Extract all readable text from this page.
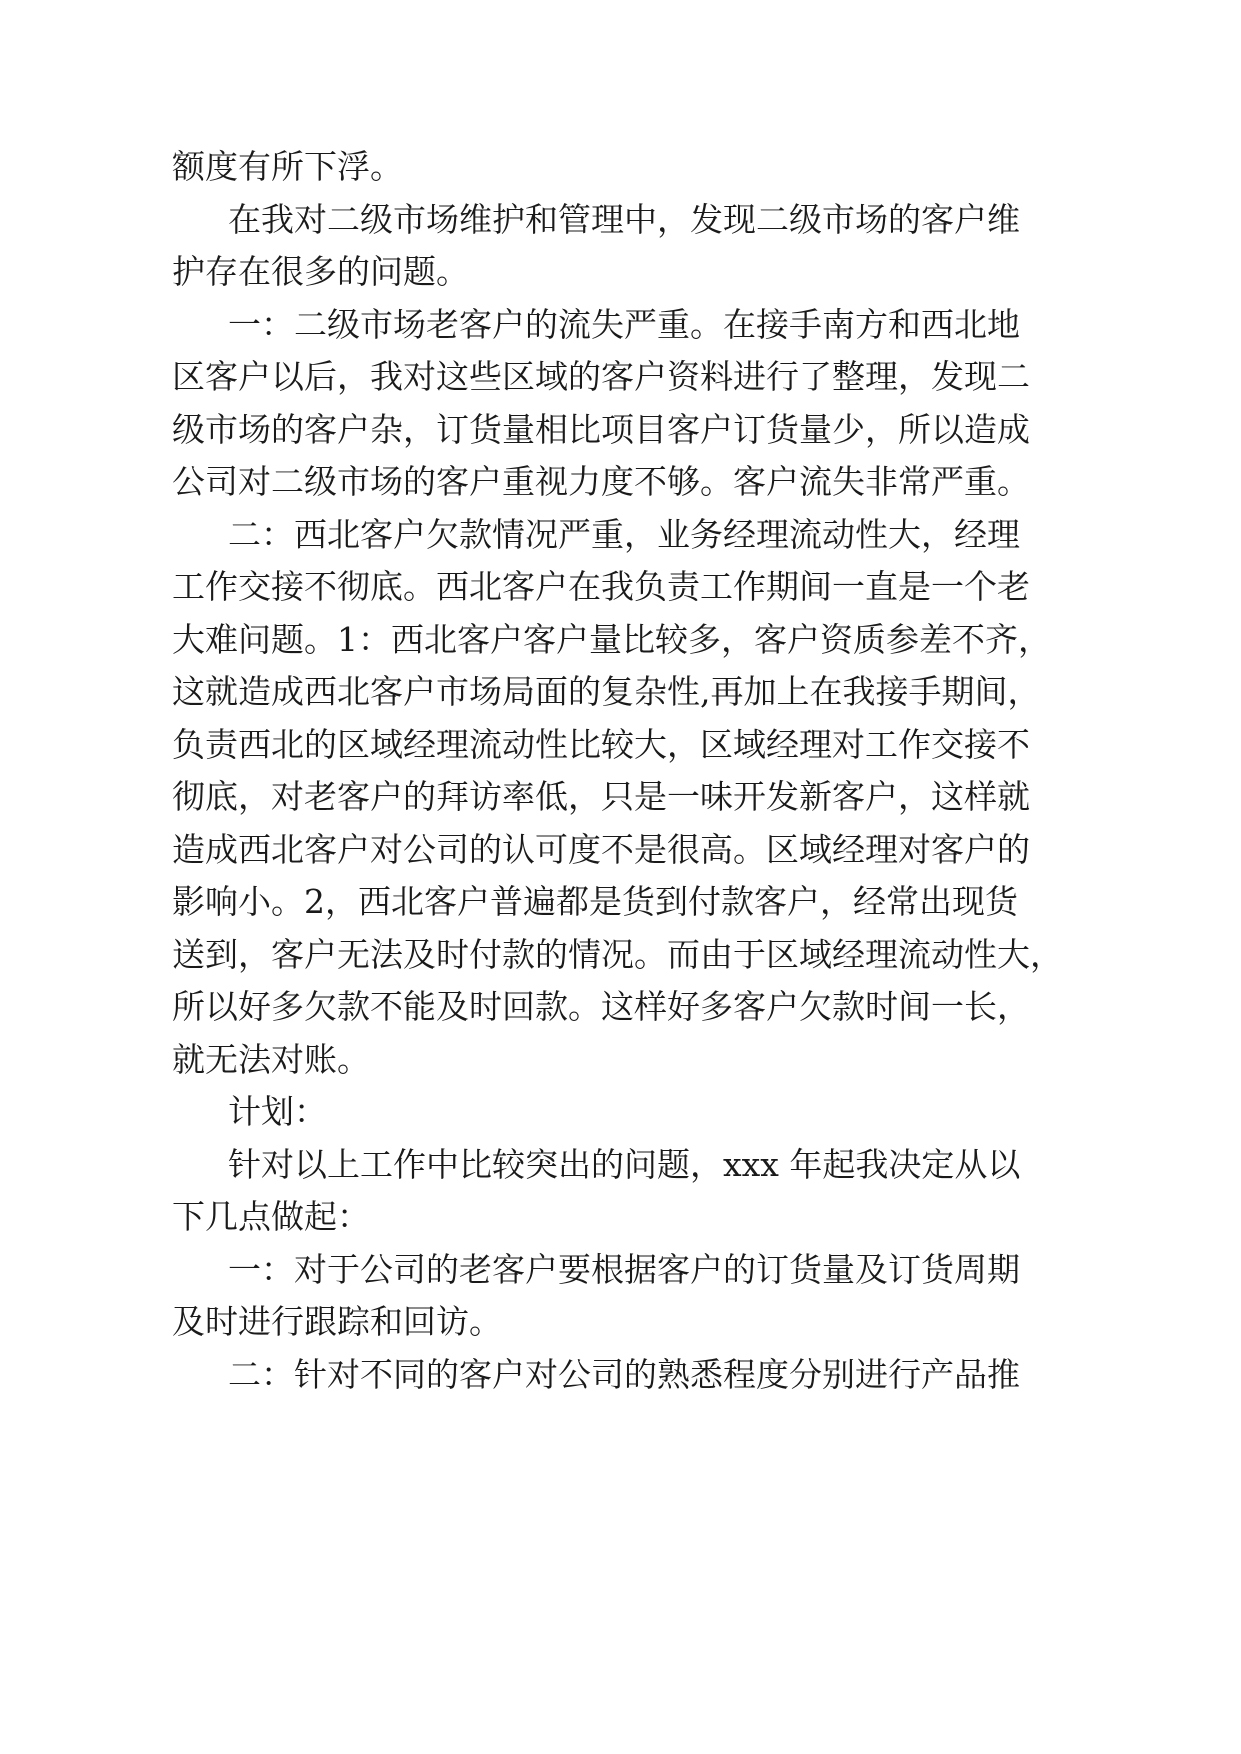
额度有所下浮。
在我对二级市场维护和管理中，发现二级市场的客户维
护存在很多的问题。
一：二级市场老客户的流失严重。在接手南方和西北地
区客户以后，我对这些区域的客户资料进行了整理，发现二
级市场的客户杂，订货量相比项目客户订货量少，所以造成
公司对二级市场的客户重视力度不够。客户流失非常严重。
二：西北客户欠款情况严重，业务经理流动性大，经理
工作交接不彻底。西北客户在我负责工作期间一直是一个老
大难问题。1：西北客户客户量比较多，客户资质参差不齐，
这就造成西北客户市场局面的复杂性,再加上在我接手期间，
负责西北的区域经理流动性比较大，区域经理对工作交接不
彻底，对老客户的拜访率低，只是一味开发新客户，这样就
造成西北客户对公司的认可度不是很高。区域经理对客户的
影响小。2，西北客户普遍都是货到付款客户，经常出现货
送到，客户无法及时付款的情况。而由于区域经理流动性大，
所以好多欠款不能及时回款。这样好多客户欠款时间一长，
就无法对账。
计划：
针对以上工作中比较突出的问题，xxx 年起我决定从以
下几点做起：
一：对于公司的老客户要根据客户的订货量及订货周期
及时进行跟踪和回访。
二：针对不同的客户对公司的熟悉程度分别进行产品推
